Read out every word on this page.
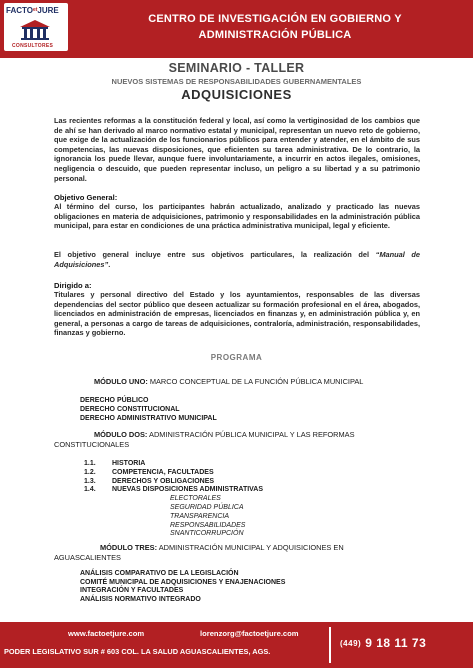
$FACTO^{et}JURE$
CONSULTORES
CENTRO DE INVESTIGACIÓN EN GOBIERNO Y
ADMINISTRACIÓN PÚBLICA
SEMINARIO - TALLER
NUEVOS SISTEMAS DE RESPONSABILIDADES GUBERNAMENTALES
ADQUISICIONES
Las recientes reformas a la constitución federal y local, así como la vertiginosidad de los cambios que de ahí se han derivado al marco normativo estatal y municipal, representan un nuevo reto de gobierno, que exige de la actualización de los funcionarios públicos para entender y atender, en el ámbito de sus competencias, las nuevas disposiciones, que eficienten su tarea administrativa. De lo contrario, la ignorancia los puede llevar, aunque fuere involuntariamente, a incurrir en actos ilegales, omisiones, negligencia o descuido, que pueden representar incluso, un peligro a su libertad y a su patrimonio personal.
Objetivo General:
Al término del curso, los participantes habrán actualizado, analizado y practicado las nuevas obligaciones en materia de adquisiciones, patrimonio y responsabilidades en la administración pública municipal, para estar en condiciones de una práctica administrativa municipal, legal y eficiente.
El objetivo general incluye entre sus objetivos particulares, la realización del “Manual de Adquisiciones”.
Dirigido a:
Titulares y personal directivo del Estado y los ayuntamientos, responsables de las diversas dependencias del sector público que deseen actualizar su formación profesional en el área, abogados, licenciados en administración de empresas, licenciados en finanzas y, en administración pública y, en general, a personas a cargo de tareas de adquisiciones, contraloría, administración, responsabilidades, finanzas y gobierno.
PROGRAMA
MÓDULO UNO: MARCO CONCEPTUAL DE LA FUNCIÓN PÚBLICA MUNICIPAL
DERECHO PÚBLICO
DERECHO CONSTITUCIONAL
DERECHO ADMINISTRATIVO MUNICIPAL
MÓDULO DOS: ADMINISTRACIÓN PÚBLICA MUNICIPAL Y LAS REFORMAS
CONSTITUCIONALES
1.1. HISTORIA
1.2. COMPETENCIA, FACULTADES
1.3. DERECHOS Y OBLIGACIONES
1.4. NUEVAS DISPOSICIONES ADMINISTRATIVAS
ELECTORALES
SEGURIDAD PÚBLICA
TRANSPARENCIA
RESPONSABILIDADES
SNANTICORRUPCIÓN
MÓDULO TRES: ADMINISTRACIÓN MUNICIPAL Y ADQUISICIONES EN
AGUASCALIENTES
ANÁLISIS COMPARATIVO DE LA LEGISLACIÓN
COMITÉ MUNICIPAL DE ADQUISICIONES Y ENAJENACIONES
INTEGRACIÓN Y FACULTADES
ANÁLISIS NORMATIVO INTEGRADO
www.factoetjure.com	lorenzorg@factoetjure.com
PODER LEGISLATIVO SUR # 603 COL. LA SALUD AGUASCALIENTES, AGS.
(449) 9 18 11 73
